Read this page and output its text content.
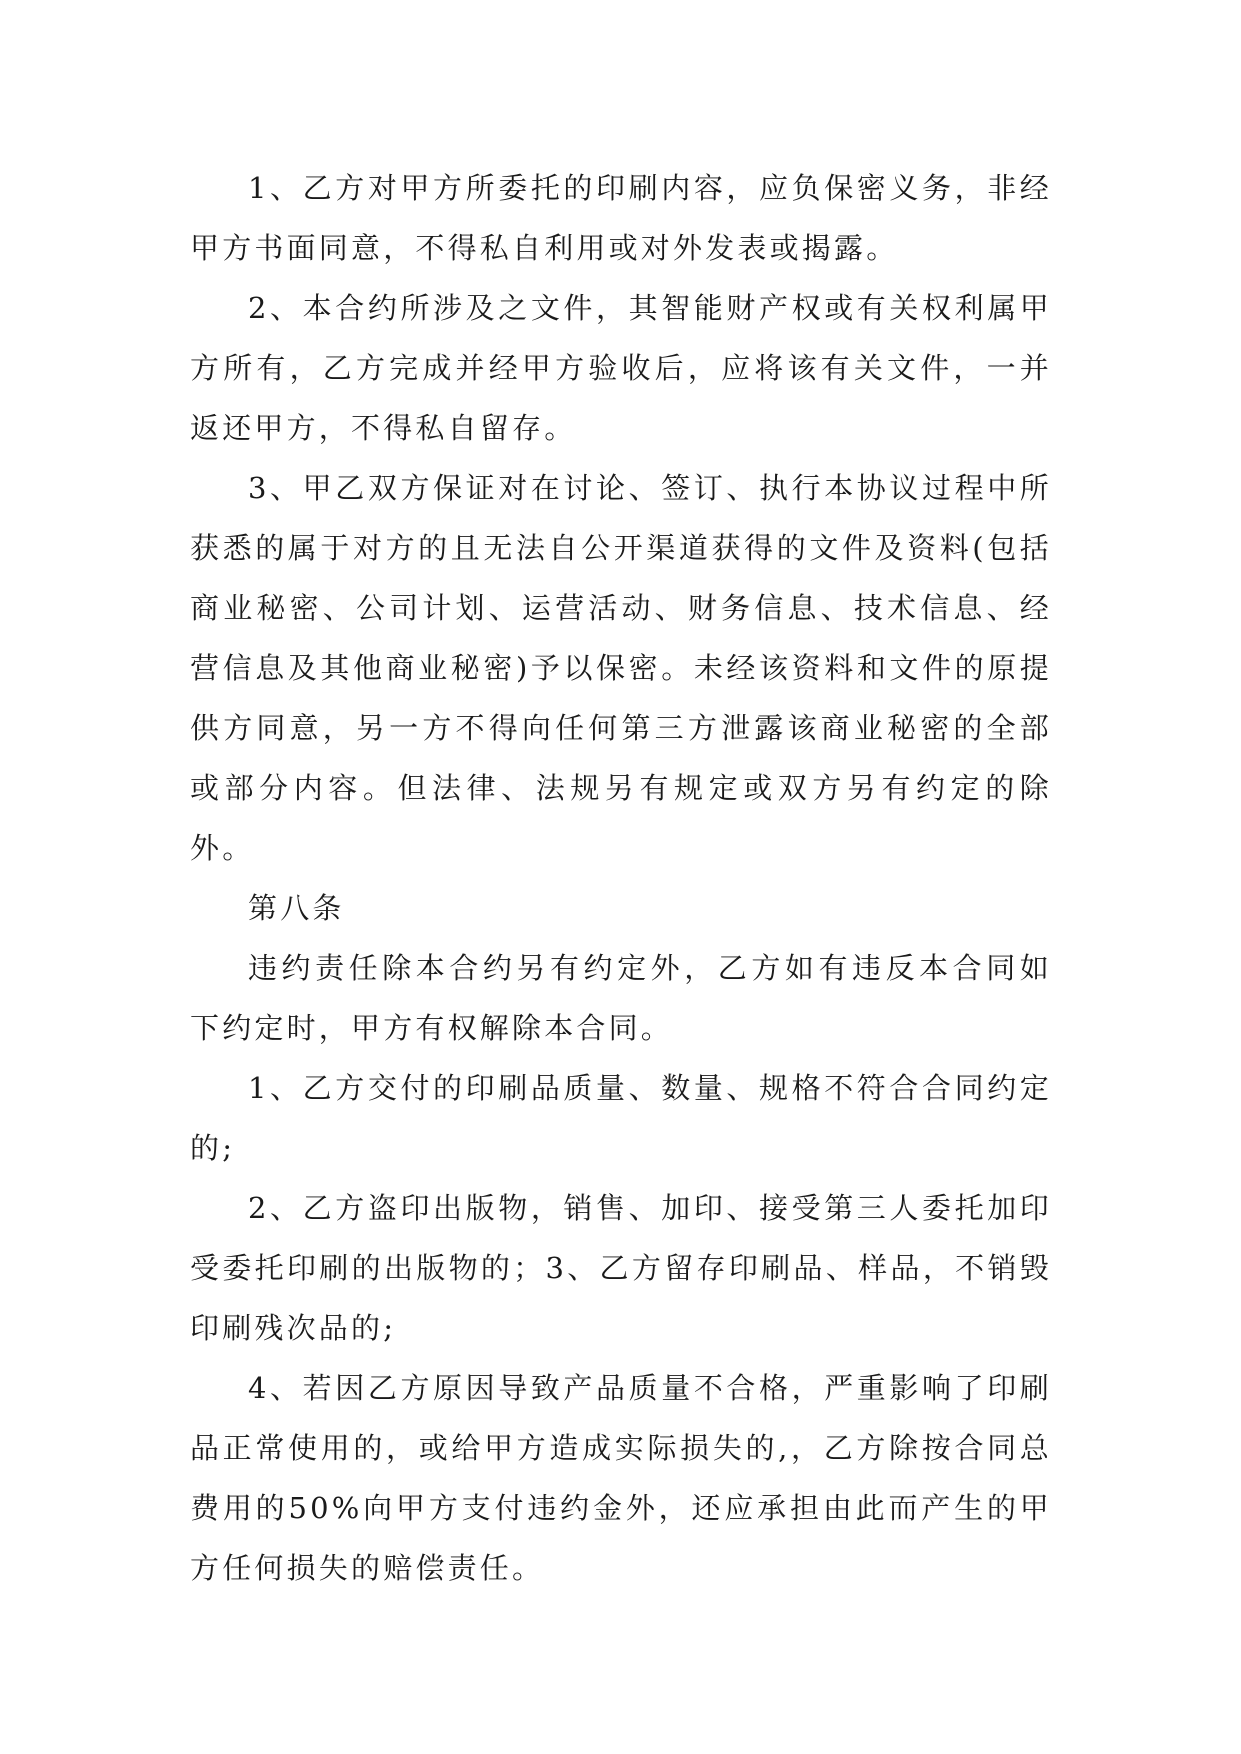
1、乙方对甲方所委托的印刷内容，应负保密义务，非经甲方书面同意，不得私自利用或对外发表或揭露。

2、本合约所涉及之文件，其智能财产权或有关权利属甲方所有，乙方完成并经甲方验收后，应将该有关文件，一并返还甲方，不得私自留存。

3、甲乙双方保证对在讨论、签订、执行本协议过程中所获悉的属于对方的且无法自公开渠道获得的文件及资料(包括商业秘密、公司计划、运营活动、财务信息、技术信息、经营信息及其他商业秘密)予以保密。未经该资料和文件的原提供方同意，另一方不得向任何第三方泄露该商业秘密的全部或部分内容。但法律、法规另有规定或双方另有约定的除外。

第八条

违约责任除本合约另有约定外，乙方如有违反本合同如下约定时，甲方有权解除本合同。

1、乙方交付的印刷品质量、数量、规格不符合合同约定的;

2、乙方盗印出版物，销售、加印、接受第三人委托加印受委托印刷的出版物的；3、乙方留存印刷品、样品，不销毁印刷残次品的;

4、若因乙方原因导致产品质量不合格，严重影响了印刷品正常使用的，或给甲方造成实际损失的,，乙方除按合同总费用的50%向甲方支付违约金外，还应承担由此而产生的甲方任何损失的赔偿责任。
